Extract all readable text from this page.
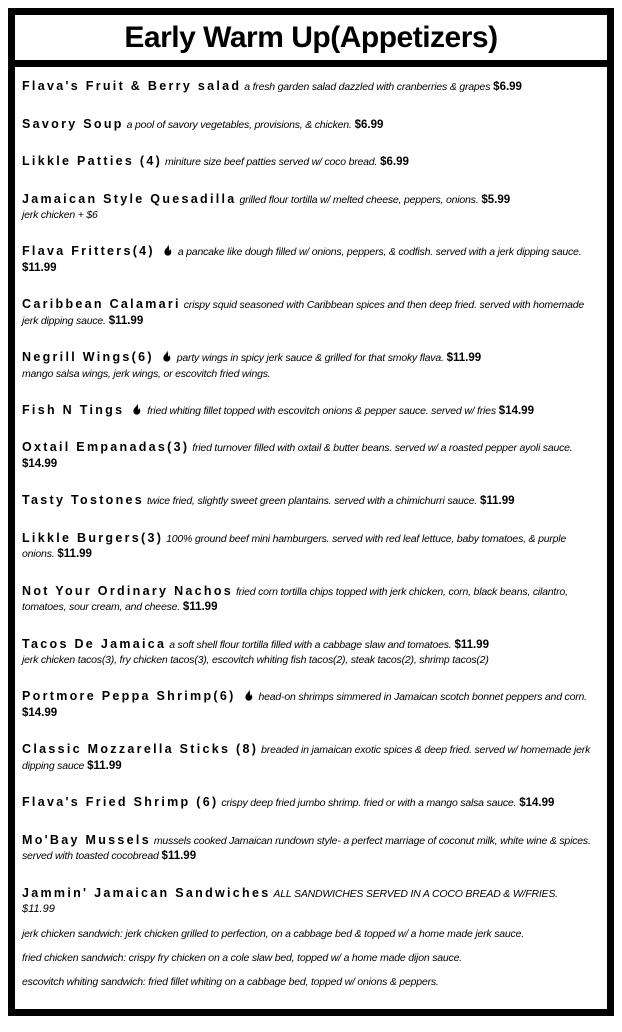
Early Warm Up(Appetizers)

Flava's Fruit & Berry salad a fresh garden salad dazzled with cranberries & grapes $6.99

Savory Soup a pool of savory vegetables, provisions, & chicken. $6.99

Likkle Patties (4) miniture size beef patties served w/ coco bread. $6.99

Jamaican Style Quesadilla grilled flour tortilla w/ melted cheese, peppers, onions. $5.99

jerk chicken + $6

Flava Fritters(4) a pancake like dough filled w/ onions, peppers, & codfish. served with a jerk dipping sauce. $11.99

Caribbean Calamari crispy squid seasoned with Caribbean spices and then deep fried. served with homemade jerk dipping sauce. $11.99

Negrill Wings(6) party wings in spicy jerk sauce & grilled for that smoky flava. $11.99

mango salsa wings, jerk wings, or escovitch fried wings.

Fish N Tings fried whiting fillet topped with escovitch onions & pepper sauce. served w/ fries $14.99

Oxtail Empanadas(3) fried turnover filled with oxtail & butter beans. served w/ a roasted pepper ayoli sauce. $14.99

Tasty Tostones twice fried, slightly sweet green plantains. served with a chimichurri sauce. $11.99

Likkle Burgers(3) 100% ground beef mini hamburgers. served with red leaf lettuce, baby tomatoes, & purple onions. $11.99

Not Your Ordinary Nachos fried corn tortilla chips topped with jerk chicken, corn, black beans, cilantro, tomatoes, sour cream, and cheese. $11.99

Tacos De Jamaica a soft shell flour tortilla filled with a cabbage slaw and tomatoes. $11.99

jerk chicken tacos(3), fry chicken tacos(3), escovitch whiting fish tacos(2), steak tacos(2), shrimp tacos(2)

Portmore Peppa Shrimp(6) head-on shrimps simmered in Jamaican scotch bonnet peppers and corn. $14.99

Classic Mozzarella Sticks (8) breaded in jamaican exotic spices & deep fried. served w/ homemade jerk dipping sauce $11.99

Flava's Fried Shrimp (6) crispy deep fried jumbo shrimp. fried or with a mango salsa sauce. $14.99

Mo'Bay Mussels mussels cooked Jamaican rundown style- a perfect marriage of coconut milk, white wine & spices. served with toasted cocobread $11.99

Jammin' Jamaican Sandwiches ALL SANDWICHES SERVED IN A COCO BREAD & W/FRIES.

$11.99

jerk chicken sandwich: jerk chicken grilled to perfection, on a cabbage bed & topped w/ a home made jerk sauce.

fried chicken sandwich: crispy fry chicken on a cole slaw bed, topped w/ a home made dijon sauce.

escovitch whiting sandwich: fried fillet whiting on a cabbage bed, topped w/ onions & peppers.
